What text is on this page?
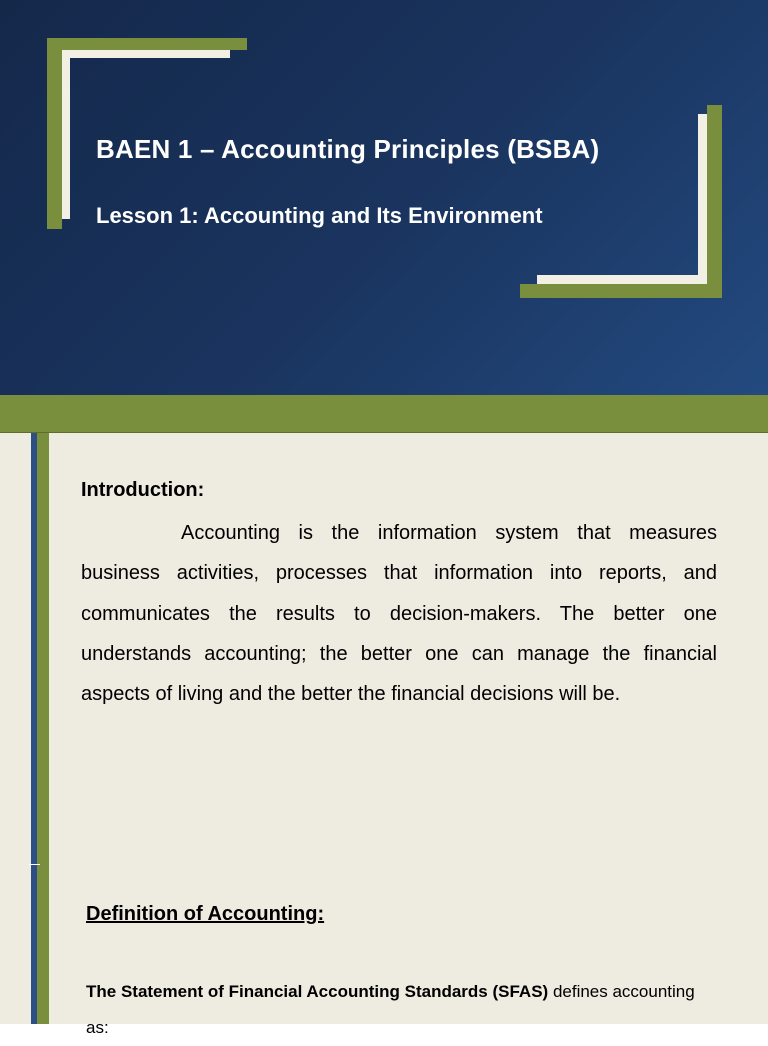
BAEN 1 – Accounting Principles (BSBA)
Lesson 1: Accounting and Its Environment

Introduction:

Accounting is the information system that measures business activities, processes that information into reports, and communicates the results to decision-makers. The better one understands accounting; the better one can manage the financial aspects of living and the better the financial decisions will be.

Definition of Accounting:

The Statement of Financial Accounting Standards (SFAS) defines accounting as:
